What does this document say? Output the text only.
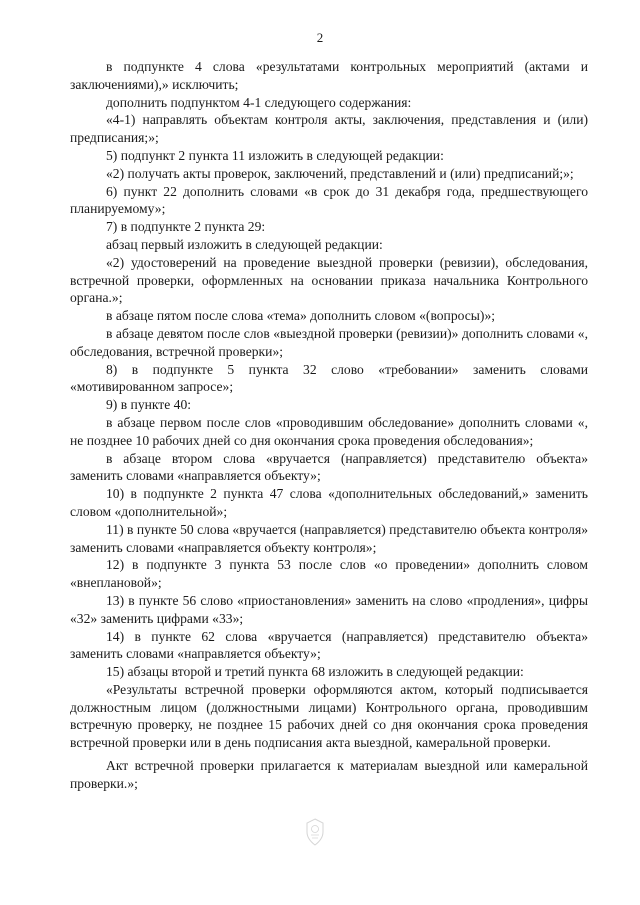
2

в подпункте 4 слова «результатами контрольных мероприятий (актами и заключениями),» исключить;

дополнить подпунктом 4-1 следующего содержания:

«4-1) направлять объектам контроля акты, заключения, представления и (или) предписания;»;

5) подпункт 2 пункта 11 изложить в следующей редакции:

«2) получать акты проверок, заключений, представлений и (или) предписаний;»;

6) пункт 22 дополнить словами «в срок до 31 декабря года, предшествующего планируемому»;

7) в подпункте 2 пункта 29:

абзац первый изложить в следующей редакции:

«2) удостоверений на проведение выездной проверки (ревизии), обследования, встречной проверки, оформленных на основании приказа начальника Контрольного органа.»;

в абзаце пятом после слова «тема» дополнить словом «(вопросы)»;

в абзаце девятом после слов «выездной проверки (ревизии)» дополнить словами «, обследования, встречной проверки»;

8) в подпункте 5 пункта 32 слово «требовании» заменить словами «мотивированном запросе»;

9) в пункте 40:

в абзаце первом после слов «проводившим обследование» дополнить словами «, не позднее 10 рабочих дней со дня окончания срока проведения обследования»;

в абзаце втором слова «вручается (направляется) представителю объекта» заменить словами «направляется объекту»;

10) в подпункте 2 пункта 47 слова «дополнительных обследований,» заменить словом «дополнительной»;

11) в пункте 50 слова «вручается (направляется) представителю объекта контроля» заменить словами «направляется объекту контроля»;

12) в подпункте 3 пункта 53 после слов «о проведении» дополнить словом «внеплановой»;

13) в пункте 56 слово «приостановления» заменить на слово «продления», цифры «32» заменить цифрами «33»;

14) в пункте 62 слова «вручается (направляется) представителю объекта» заменить словами «направляется объекту»;

15) абзацы второй и третий пункта 68 изложить в следующей редакции:

«Результаты встречной проверки оформляются актом, который подписывается должностным лицом (должностными лицами) Контрольного органа, проводившим встречную проверку, не позднее 15 рабочих дней со дня окончания срока проведения встречной проверки или в день подписания акта выездной, камеральной проверки.

Акт встречной проверки прилагается к материалам выездной или камеральной проверки.»;
